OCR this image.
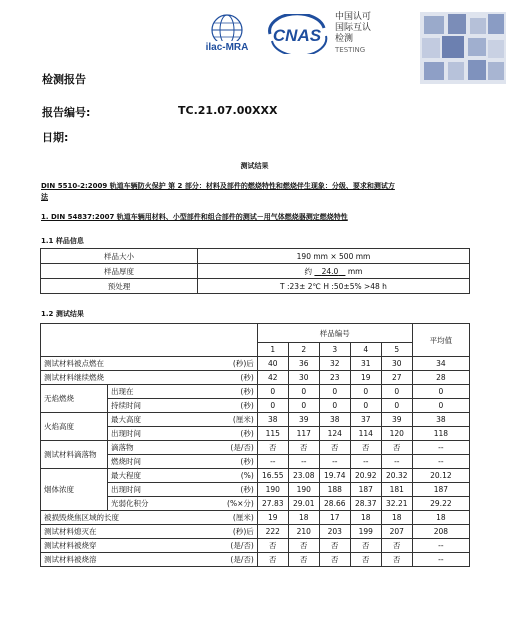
ilac-MRA
CNAS
中国认可
国际互认
检测
TESTING
检测报告
报告编号:	TC.21.07.00XXX
日期:
测试结果
DIN 5510-2:2009 轨道车辆防火保护 第 2 部分：材料及部件的燃烧特性和燃烧伴生现象：分级、要求和测试方
法
1. DIN 54837:2007 轨道车辆用材料、小型部件和组合部件的测试－用气体燃烧器测定燃烧特性
1.1 样品信息
样品大小	190 mm × 500 mm
样品厚度	约 24.0 mm
预处理	T :23± 2℃ H :50±5% >48 h
1.2 测试结果
			样品编号					平均值
			1	2	3	4	5	
测试材料被点燃在		(秒)后	40	36	32	31	30	34
测试材料继续燃烧		(秒)	42	30	23	19	27	28
无焰燃烧	出现在	(秒)	0	0	0	0	0	0
	持续时间	(秒)	0	0	0	0	0	0
火焰高度	最大高度	(厘米)	38	39	38	37	39	38
	出现时间	(秒)	115	117	124	114	120	118
测试材料滴落物	滴落物	(是/否)	否	否	否	否	否	--
	燃烧时间	(秒)	--	--	--	--	--	--
烟体浓度	最大程度	(%)	16.55	23.08	19.74	20.92	20.32	20.12
	出现时间	(秒)	190	190	188	187	181	187
	光弱化积分	(%×分)	27.83	29.01	28.66	28.37	32.21	29.22
被损毁烧焦区域的长度		(厘米)	19	18	17	18	18	18
测试材料熄灭在		(秒)后	222	210	203	199	207	208
测试材料被烧穿		(是/否)	否	否	否	否	否	--
测试材料被烧溶		(是/否)	否	否	否	否	否	--
